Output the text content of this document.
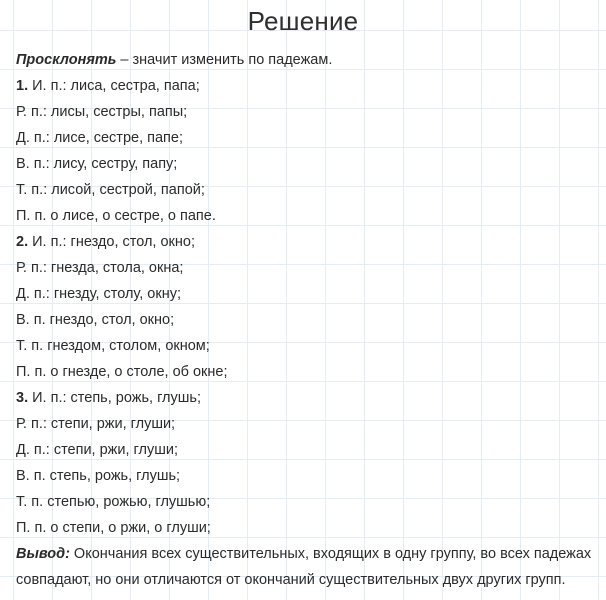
Решение
Просклонять – значит изменить по падежам.
1. И. п.: лиса, сестра, папа;
Р. п.: лисы, сестры, папы;
Д. п.: лисе, сестре, папе;
В. п.: лису, сестру, папу;
Т. п.: лисой, сестрой, папой;
П. п. о лисе, о сестре, о папе.
2. И. п.: гнездо, стол, окно;
Р. п.: гнезда, стола, окна;
Д. п.: гнезду, столу, окну;
В. п. гнездо, стол, окно;
Т. п. гнездом, столом, окном;
П. п. о гнезде, о столе, об окне;
3. И. п.: степь, рожь, глушь;
Р. п.: степи, ржи, глуши;
Д. п.: степи, ржи, глуши;
В. п. степь, рожь, глушь;
Т. п. степью, рожью, глушью;
П. п. о степи, о ржи, о глуши;
Вывод: Окончания всех существительных, входящих в одну группу, во всех падежах совпадают, но они отличаются от окончаний существительных двух других групп.
